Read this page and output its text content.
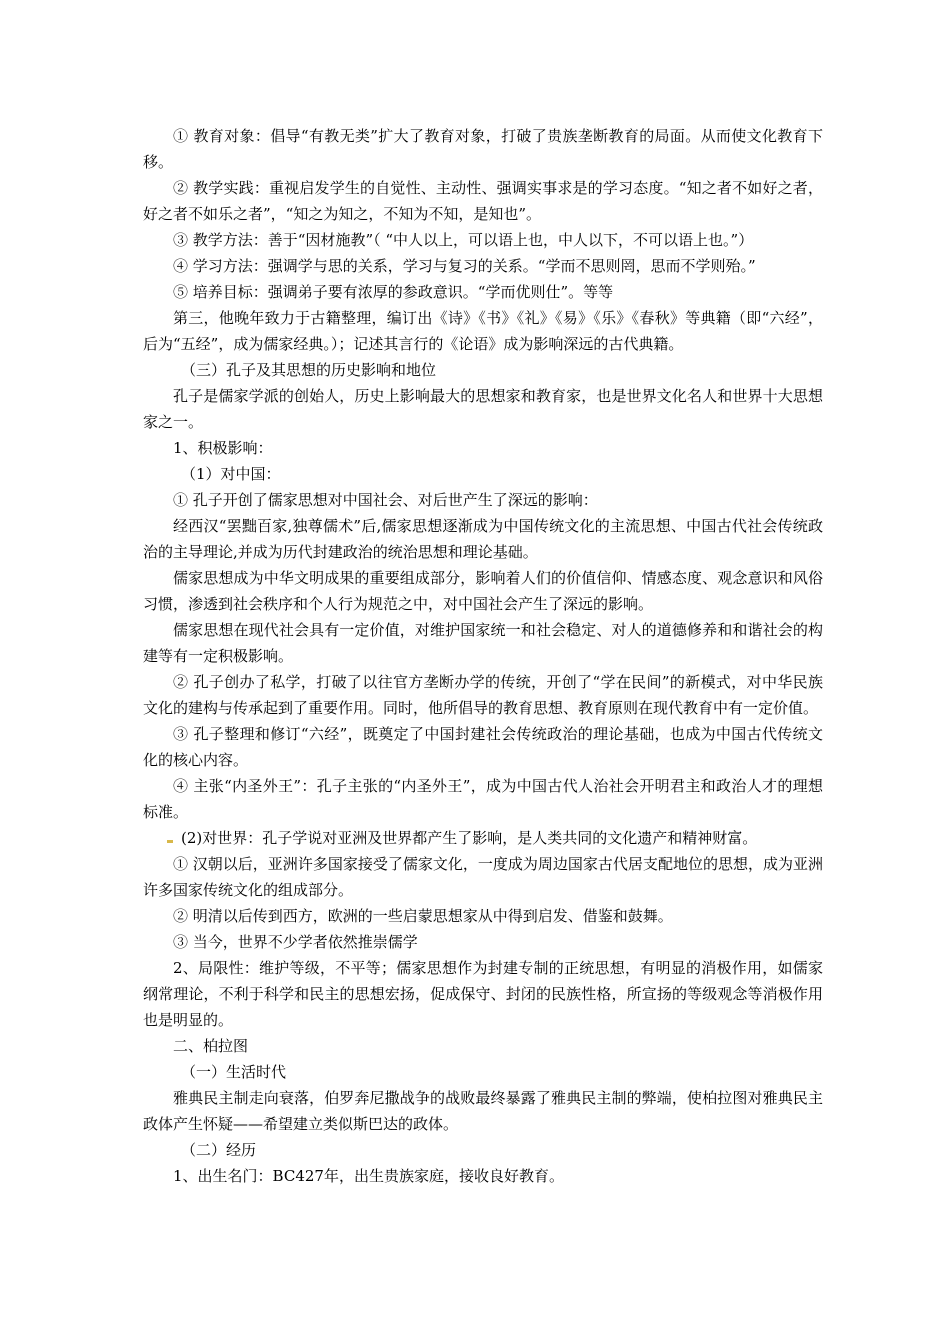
① 教育对象：倡导“有教无类”扩大了教育对象，打破了贵族垄断教育的局面。从而使文化教育下移。

② 教学实践：重视启发学生的自觉性、主动性、强调实事求是的学习态度。“知之者不如好之者，好之者不如乐之者”，“知之为知之，不知为不知，是知也”。

③ 教学方法：善于“因材施教”（ “中人以上，可以语上也，中人以下，不可以语上也。”）

④ 学习方法：强调学与思的关系，学习与复习的关系。“学而不思则罔，思而不学则殆。”

⑤ 培养目标：强调弟子要有浓厚的参政意识。“学而优则仕”。等等

第三，他晚年致力于古籍整理，编订出《诗》《书》《礼》《易》《乐》《春秋》等典籍（即“六经”，后为“五经”，成为儒家经典。）；记述其言行的《论语》成为影响深远的古代典籍。

（三）孔子及其思想的历史影响和地位

孔子是儒家学派的创始人，历史上影响最大的思想家和教育家，也是世界文化名人和世界十大思想家之一。

1、积极影响：

（1）对中国：

① 孔子开创了儒家思想对中国社会、对后世产生了深远的影响：

经西汉“罢黜百家,独尊儒术”后,儒家思想逐渐成为中国传统文化的主流思想、中国古代社会传统政治的主导理论,并成为历代封建政治的统治思想和理论基础。

儒家思想成为中华文明成果的重要组成部分，影响着人们的价值信仰、情感态度、观念意识和风俗习惯，渗透到社会秩序和个人行为规范之中，对中国社会产生了深远的影响。

儒家思想在现代社会具有一定价值，对维护国家统一和社会稳定、对人的道德修养和和谐社会的构建等有一定积极影响。

② 孔子创办了私学，打破了以往官方垄断办学的传统，开创了“学在民间”的新模式，对中华民族文化的建构与传承起到了重要作用。同时，他所倡导的教育思想、教育原则在现代教育中有一定价值。

③ 孔子整理和修订“六经”，既奠定了中国封建社会传统政治的理论基础，也成为中国古代传统文化的核心内容。

④ 主张“内圣外王”：孔子主张的“内圣外王”，成为中国古代人治社会开明君主和政治人才的理想标准。

(2)对世界：孔子学说对亚洲及世界都产生了影响，是人类共同的文化遗产和精神财富。

① 汉朝以后，亚洲许多国家接受了儒家文化，一度成为周边国家古代居支配地位的思想，成为亚洲许多国家传统文化的组成部分。

② 明清以后传到西方，欧洲的一些启蒙思想家从中得到启发、借鉴和鼓舞。

③ 当今，世界不少学者依然推崇儒学

2、局限性：维护等级，不平等；儒家思想作为封建专制的正统思想，有明显的消极作用，如儒家纲常理论，不利于科学和民主的思想宏扬，促成保守、封闭的民族性格，所宣扬的等级观念等消极作用也是明显的。

二、柏拉图

（一）生活时代

雅典民主制走向衰落，伯罗奔尼撒战争的战败最终暴露了雅典民主制的弊端，使柏拉图对雅典民主政体产生怀疑——希望建立类似斯巴达的政体。

（二）经历

1、出生名门：BC427年，出生贵族家庭，接收良好教育。
